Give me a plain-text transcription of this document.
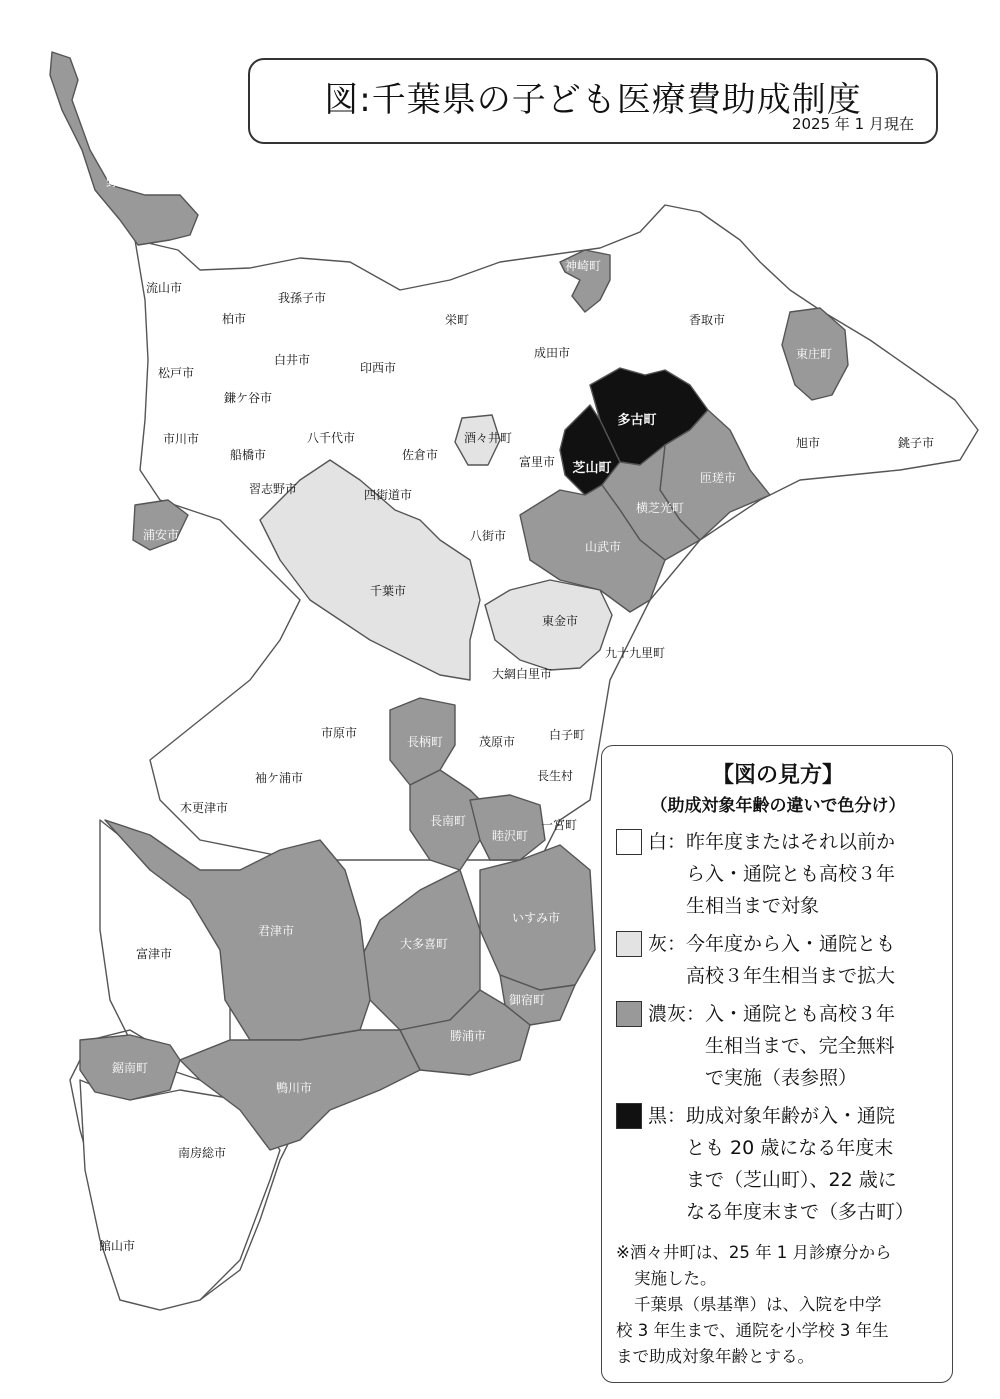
野田市
流山市
我孫子市
柏市	栄町
神崎町
香取市
東庄町
成田市
白井市
印西市
松戸市
鎌ケ谷市
多古町
旭市	銚子市
市川市	八千代市	酒々井町
船橋市	佐倉市	富里市 芝山町
匝瑳市
習志野市	四街道市
横芝光町
浦安市	八街市
山武市
千葉市
東金市
九十九里町
大網白里市
市原市
長柄町	茂原市	白子町
袖ケ浦市	長生村
木更津市
長南町	一宮町
睦沢町
君津市
いすみ市
大多喜町
富津市
御宿町
勝浦市
鋸南町
鴨川市
南房総市
館山市
図:千葉県の子ども医療費助成制度
2025 年 1 月現在
【図の見方】
（助成対象年齢の違いで色分け）
白： 昨年度またはそれ以前か
ら入・通院とも高校３年
生相当まで対象
灰： 今年度から入・通院とも
高校３年生相当まで拡大
濃灰： 入・通院とも高校３年
生相当まで、完全無料
で実施（表参照）
黒： 助成対象年齢が入・通院
とも 20 歳になる年度末
まで（芝山町）、22 歳に
なる年度末まで（多古町）

※酒々井町は、25 年 1 月診療分から

実施した。

千葉県（県基準）は、入院を中学

校 3 年生まで、通院を小学校 3 年生

まで助成対象年齢とする。
